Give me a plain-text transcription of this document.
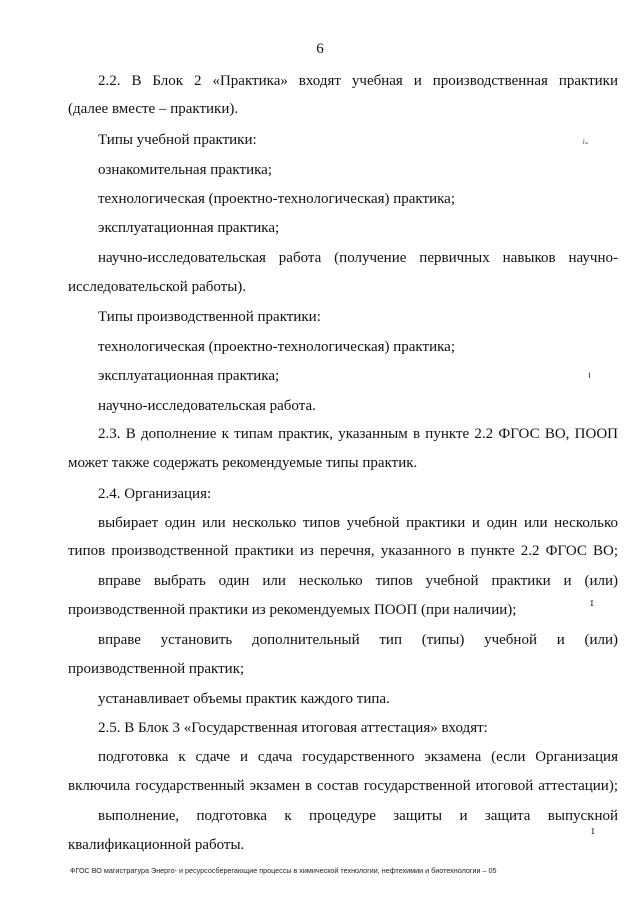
6
2.2. В Блок 2 «Практика» входят учебная и производственная практики
(далее вместе – практики).
Типы учебной практики:
ознакомительная практика;
технологическая (проектно-технологическая) практика;
эксплуатационная практика;
научно-исследовательская работа (получение первичных навыков научно-
исследовательской работы).
Типы производственной практики:
технологическая (проектно-технологическая) практика;
эксплуатационная практика;
научно-исследовательская работа.
2.3. В дополнение к типам практик, указанным в пункте 2.2 ФГОС ВО, ПООП
может также содержать рекомендуемые типы практик.
2.4. Организация:
выбирает один или несколько типов учебной практики и один или несколько
типов производственной практики из перечня, указанного в пункте 2.2 ФГОС ВО;
вправе выбрать один или несколько типов учебной практики и (или)
производственной практики из рекомендуемых ПООП (при наличии);
вправе установить дополнительный тип (типы) учебной и (или)
производственной практик;
устанавливает объемы практик каждого типа.
2.5. В Блок 3 «Государственная итоговая аттестация» входят:
подготовка к сдаче и сдача государственного экзамена (если Организация
включила государственный экзамен в состав государственной итоговой аттестации);
выполнение, подготовка к процедуре защиты и защита выпускной
квалификационной работы.
ʲ‐
ı
ɪ
ɪ
ФГОС ВО магистратура Энерго- и ресурсосберегающие процессы в химической технологии, нефтехимии и биотехнологии – 05
